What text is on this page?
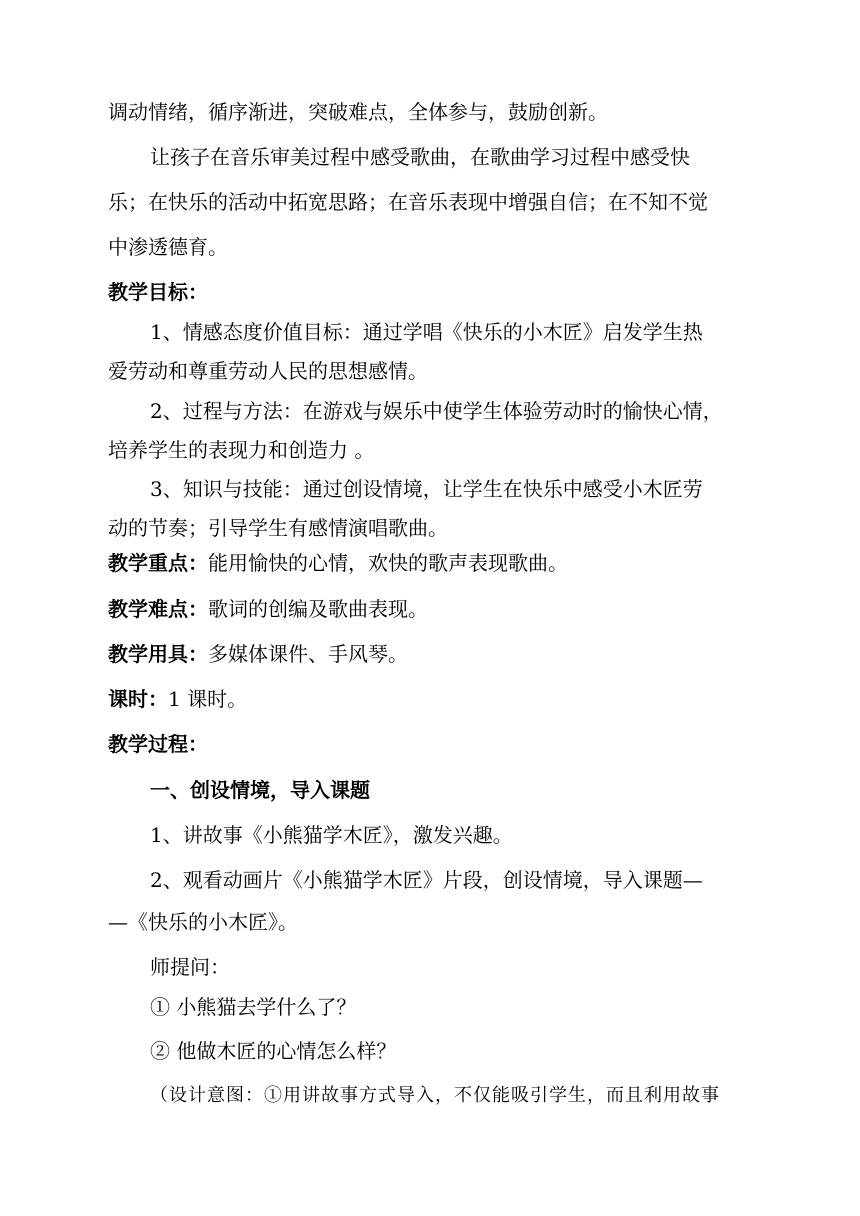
调动情绪，循序渐进，突破难点，全体参与，鼓励创新。
让孩子在音乐审美过程中感受歌曲，在歌曲学习过程中感受快
乐；在快乐的活动中拓宽思路；在音乐表现中增强自信；在不知不觉
中渗透德育。
教学目标：
1、情感态度价值目标：通过学唱《快乐的小木匠》启发学生热
爱劳动和尊重劳动人民的思想感情。
2、过程与方法：在游戏与娱乐中使学生体验劳动时的愉快心情，
培养学生的表现力和创造力 。
3、知识与技能：通过创设情境，让学生在快乐中感受小木匠劳
动的节奏；引导学生有感情演唱歌曲。
教学重点：能用愉快的心情，欢快的歌声表现歌曲。
教学难点：歌词的创编及歌曲表现。
教学用具：多媒体课件、手风琴。
课时：1 课时。
教学过程：
一、创设情境，导入课题
1、讲故事《小熊猫学木匠》，激发兴趣。
2、观看动画片《小熊猫学木匠》片段，创设情境，导入课题—
—《快乐的小木匠》。
师提问：
① 小熊猫去学什么了？
② 他做木匠的心情怎么样？
（设计意图：①用讲故事方式导入，不仅能吸引学生，而且利用故事
